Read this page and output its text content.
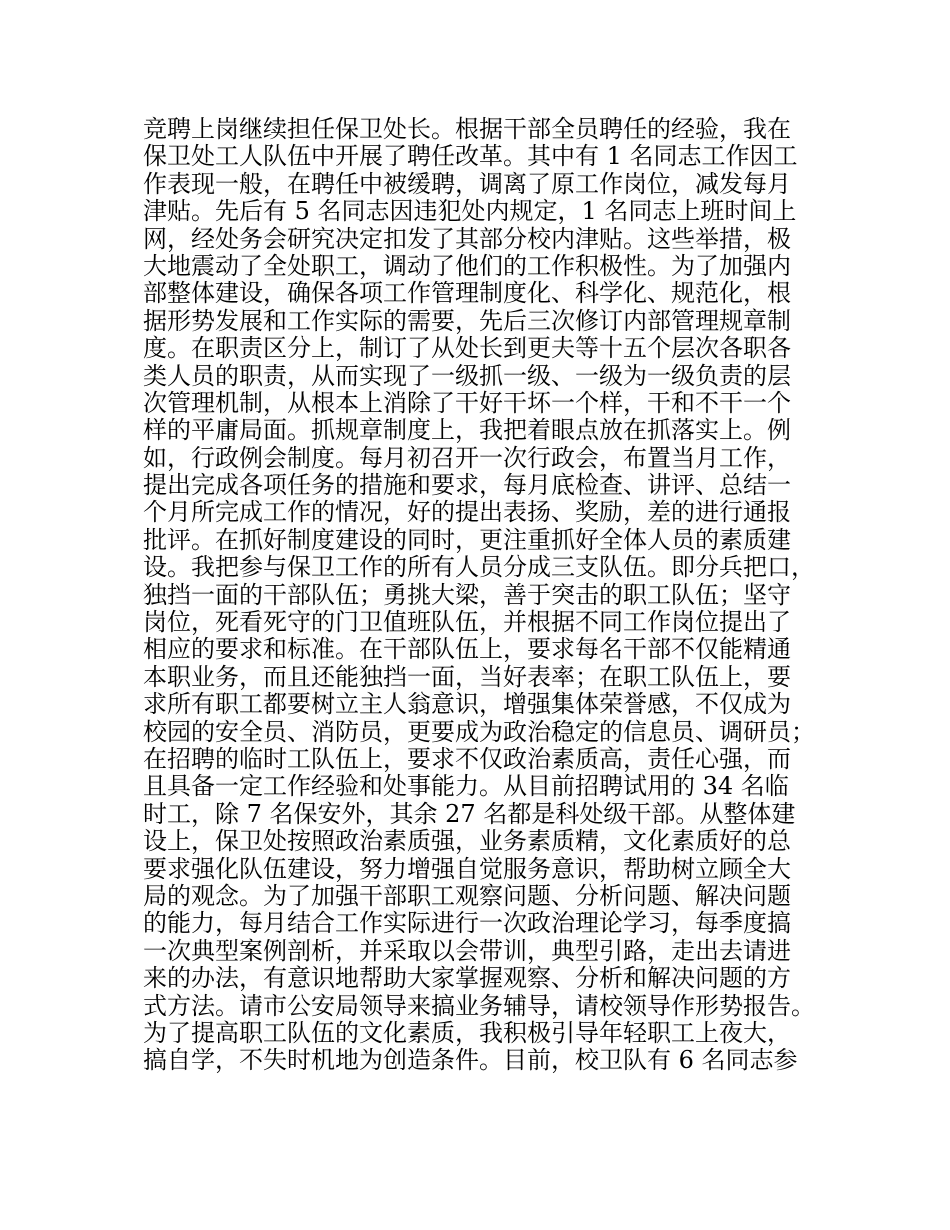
竞聘上岗继续担任保卫处长。根据干部全员聘任的经验，我在
保卫处工人队伍中开展了聘任改革。其中有 1 名同志工作因工
作表现一般，在聘任中被缓聘，调离了原工作岗位，减发每月
津贴。先后有 5 名同志因违犯处内规定，1 名同志上班时间上
网，经处务会研究决定扣发了其部分校内津贴。这些举措，极
大地震动了全处职工，调动了他们的工作积极性。为了加强内
部整体建设，确保各项工作管理制度化、科学化、规范化，根
据形势发展和工作实际的需要，先后三次修订内部管理规章制
度。在职责区分上，制订了从处长到更夫等十五个层次各职各
类人员的职责，从而实现了一级抓一级、一级为一级负责的层
次管理机制，从根本上消除了干好干坏一个样，干和不干一个
样的平庸局面。抓规章制度上，我把着眼点放在抓落实上。例
如，行政例会制度。每月初召开一次行政会，布置当月工作，
提出完成各项任务的措施和要求，每月底检查、讲评、总结一
个月所完成工作的情况，好的提出表扬、奖励，差的进行通报
批评。在抓好制度建设的同时，更注重抓好全体人员的素质建
设。我把参与保卫工作的所有人员分成三支队伍。即分兵把口，
独挡一面的干部队伍；勇挑大梁，善于突击的职工队伍；坚守
岗位，死看死守的门卫值班队伍，并根据不同工作岗位提出了
相应的要求和标准。在干部队伍上，要求每名干部不仅能精通
本职业务，而且还能独挡一面，当好表率；在职工队伍上，要
求所有职工都要树立主人翁意识，增强集体荣誉感，不仅成为
校园的安全员、消防员，更要成为政治稳定的信息员、调研员；
在招聘的临时工队伍上，要求不仅政治素质高，责任心强，而
且具备一定工作经验和处事能力。从目前招聘试用的 34 名临
时工，除 7 名保安外，其余 27 名都是科处级干部。从整体建
设上，保卫处按照政治素质强，业务素质精，文化素质好的总
要求强化队伍建设，努力增强自觉服务意识，帮助树立顾全大
局的观念。为了加强干部职工观察问题、分析问题、解决问题
的能力，每月结合工作实际进行一次政治理论学习，每季度搞
一次典型案例剖析，并采取以会带训，典型引路，走出去请进
来的办法，有意识地帮助大家掌握观察、分析和解决问题的方
式方法。请市公安局领导来搞业务辅导，请校领导作形势报告。
为了提高职工队伍的文化素质，我积极引导年轻职工上夜大，
搞自学，不失时机地为创造条件。目前，校卫队有 6 名同志参
